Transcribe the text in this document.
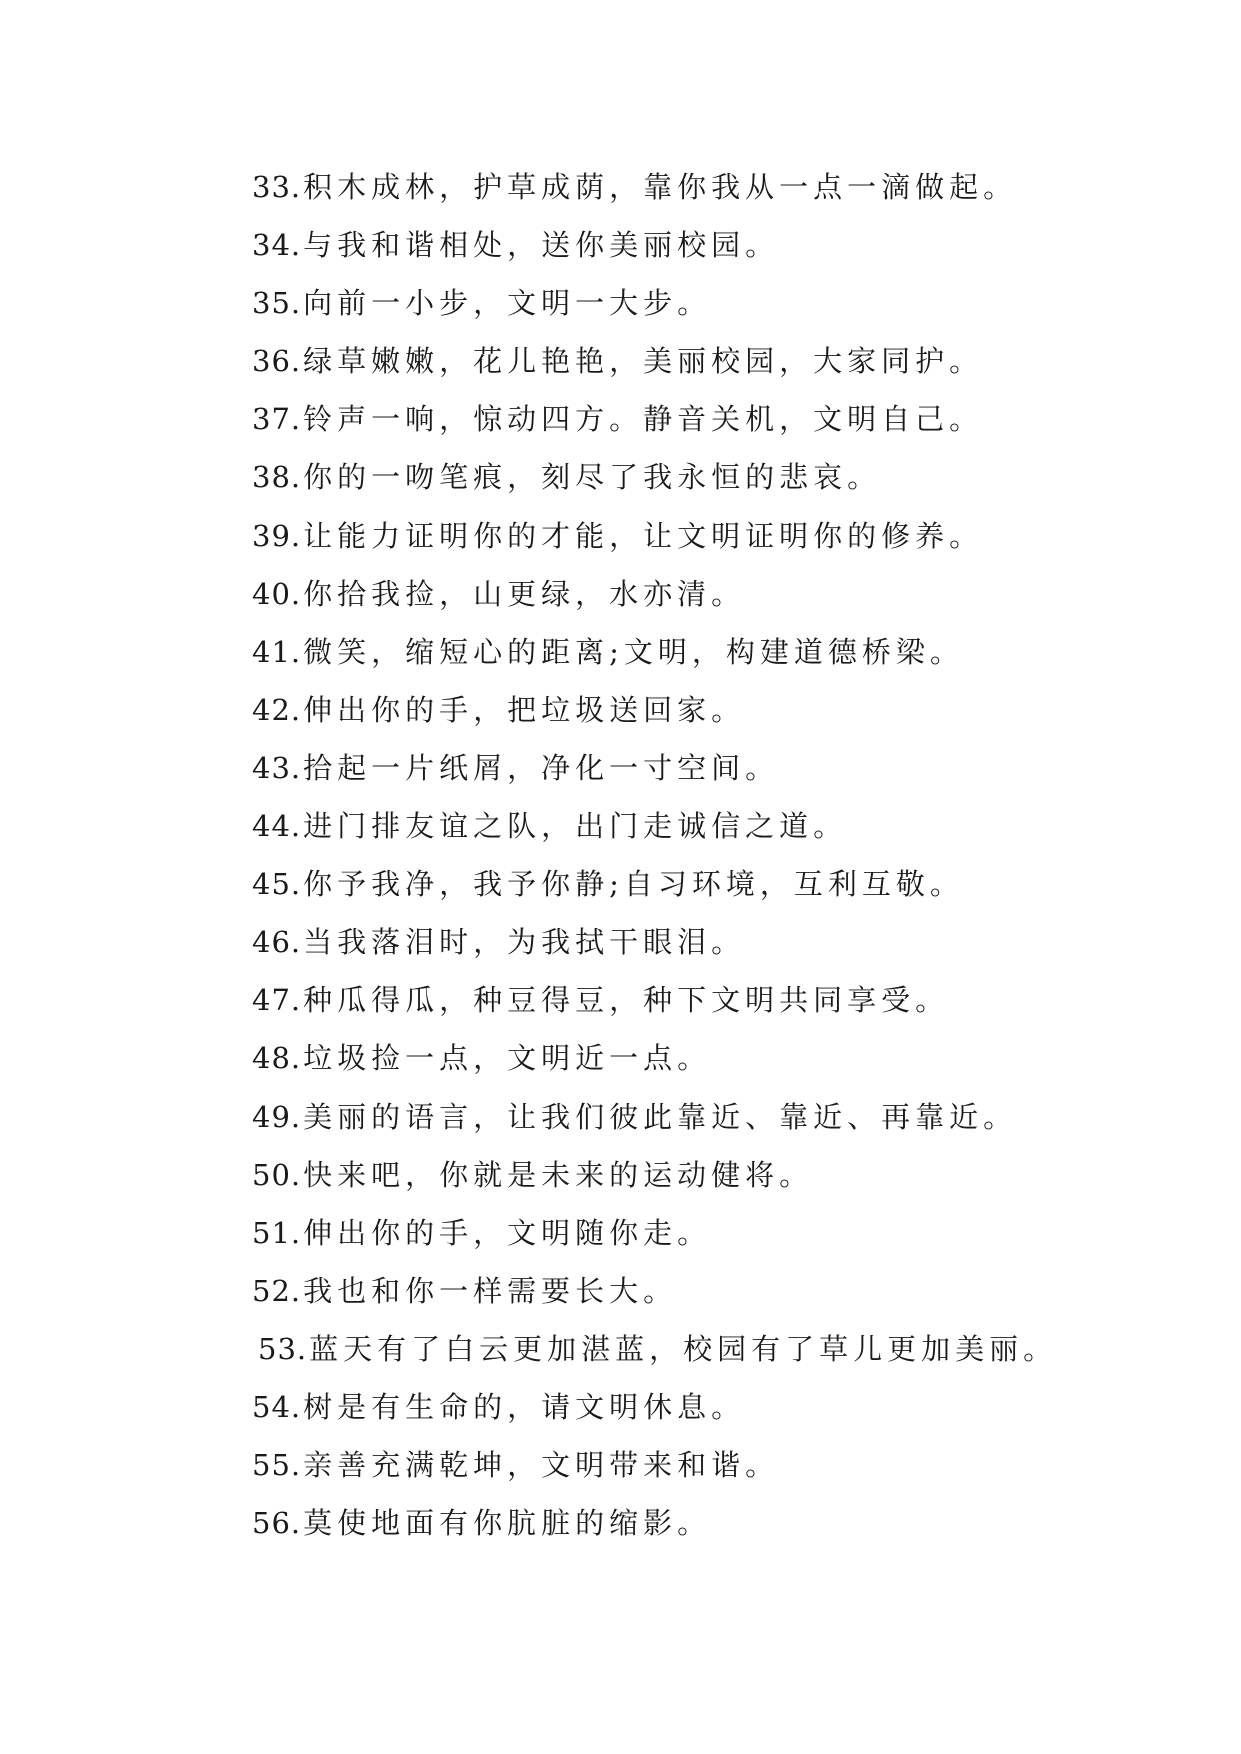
33.积木成林，护草成荫，靠你我从一点一滴做起。
34.与我和谐相处，送你美丽校园。
35.向前一小步，文明一大步。
36.绿草嫩嫩，花儿艳艳，美丽校园，大家同护。
37.铃声一响，惊动四方。静音关机，文明自己。
38.你的一吻笔痕，刻尽了我永恒的悲哀。
39.让能力证明你的才能，让文明证明你的修养。
40.你拾我捡，山更绿，水亦清。
41.微笑，缩短心的距离;文明，构建道德桥梁。
42.伸出你的手，把垃圾送回家。
43.拾起一片纸屑，净化一寸空间。
44.进门排友谊之队，出门走诚信之道。
45.你予我净，我予你静;自习环境，互利互敬。
46.当我落泪时，为我拭干眼泪。
47.种瓜得瓜，种豆得豆，种下文明共同享受。
48.垃圾捡一点，文明近一点。
49.美丽的语言，让我们彼此靠近、靠近、再靠近。
50.快来吧，你就是未来的运动健将。
51.伸出你的手，文明随你走。
52.我也和你一样需要长大。
53.蓝天有了白云更加湛蓝，校园有了草儿更加美丽。
54.树是有生命的，请文明休息。
55.亲善充满乾坤，文明带来和谐。
56.莫使地面有你肮脏的缩影。
